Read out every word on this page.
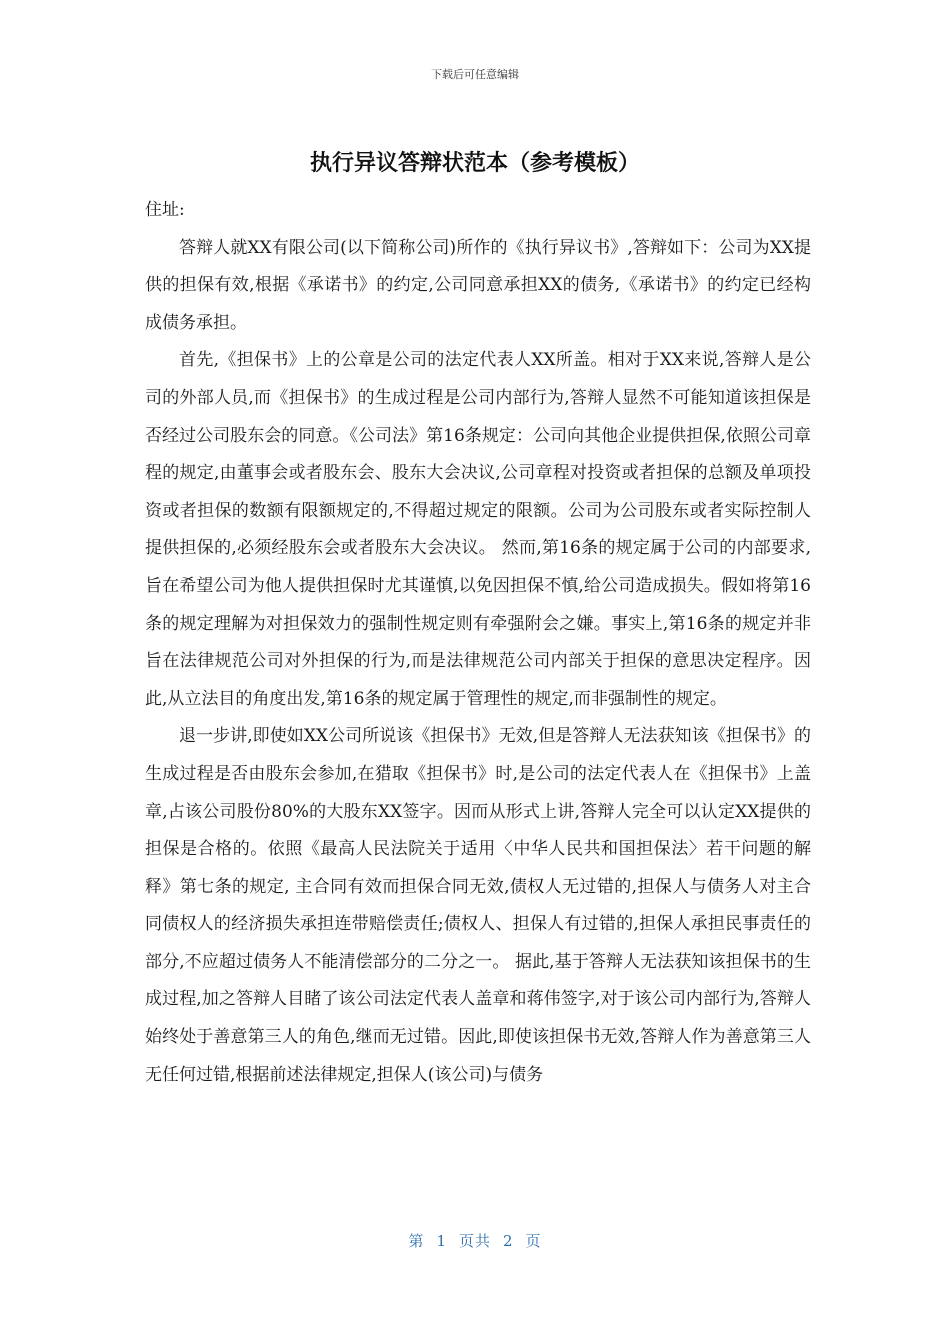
下载后可任意编辑
执行异议答辩状范本（参考模板）

住址:

答辩人就XX有限公司(以下简称公司)所作的《执行异议书》,答辩如下：公司为XX提供的担保有效,根据《承诺书》的约定,公司同意承担XX的债务,《承诺书》的约定已经构成债务承担。

首先,《担保书》上的公章是公司的法定代表人XX所盖。相对于XX来说,答辩人是公司的外部人员,而《担保书》的生成过程是公司内部行为,答辩人显然不可能知道该担保是否经过公司股东会的同意。《公司法》第16条规定：公司向其他企业提供担保,依照公司章程的规定,由董事会或者股东会、股东大会决议,公司章程对投资或者担保的总额及单项投资或者担保的数额有限额规定的,不得超过规定的限额。公司为公司股东或者实际控制人提供担保的,必须经股东会或者股东大会决议。 然而,第16条的规定属于公司的内部要求,旨在希望公司为他人提供担保时尤其谨慎,以免因担保不慎,给公司造成损失。假如将第16条的规定理解为对担保效力的强制性规定则有牵强附会之嫌。事实上,第16条的规定并非旨在法律规范公司对外担保的行为,而是法律规范公司内部关于担保的意思决定程序。因此,从立法目的角度出发,第16条的规定属于管理性的规定,而非强制性的规定。

退一步讲,即使如XX公司所说该《担保书》无效,但是答辩人无法获知该《担保书》的生成过程是否由股东会参加,在猎取《担保书》时,是公司的法定代表人在《担保书》上盖章,占该公司股份80%的大股东XX签字。因而从形式上讲,答辩人完全可以认定XX提供的担保是合格的。依照《最高人民法院关于适用〈中华人民共和国担保法〉若干问题的解释》第七条的规定, 主合同有效而担保合同无效,债权人无过错的,担保人与债务人对主合同债权人的经济损失承担连带赔偿责任;债权人、担保人有过错的,担保人承担民事责任的部分,不应超过债务人不能清偿部分的二分之一。 据此,基于答辩人无法获知该担保书的生成过程,加之答辩人目睹了该公司法定代表人盖章和蒋伟签字,对于该公司内部行为,答辩人始终处于善意第三人的角色,继而无过错。因此,即使该担保书无效,答辩人作为善意第三人无任何过错,根据前述法律规定,担保人(该公司)与债务

第 1 页共 2 页
